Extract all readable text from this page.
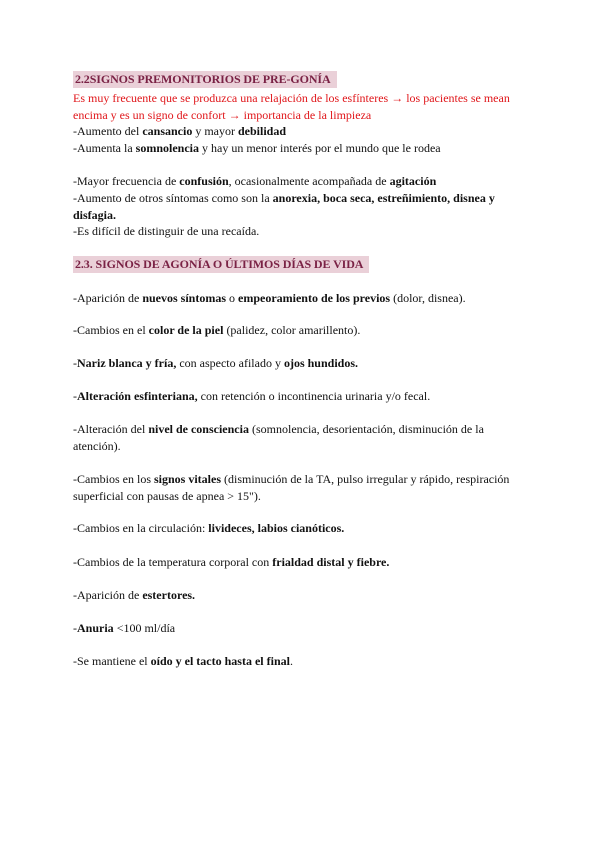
2.2SIGNOS PREMONITORIOS DE PRE-GONÍA

Es muy frecuente que se produzca una relajación de los esfínteres → los pacientes se mean encima y es un signo de confort → importancia de la limpieza

-Aumento del cansancio y mayor debilidad

-Aumenta la somnolencia y hay un menor interés por el mundo que le rodea

-Mayor frecuencia de confusión, ocasionalmente acompañada de agitación

-Aumento de otros síntomas como son la anorexia, boca seca, estreñimiento, disnea y disfagia.

-Es difícil de distinguir de una recaída.

2.3. SIGNOS DE AGONÍA O ÚLTIMOS DÍAS DE VIDA

-Aparición de nuevos síntomas o empeoramiento de los previos (dolor, disnea).

-Cambios en el color de la piel (palidez, color amarillento).

-Nariz blanca y fría, con aspecto afilado y ojos hundidos.

-Alteración esfinteriana, con retención o incontinencia urinaria y/o fecal.

-Alteración del nivel de consciencia (somnolencia, desorientación, disminución de la atención).

-Cambios en los signos vitales (disminución de la TA, pulso irregular y rápido, respiración superficial con pausas de apnea > 15").

-Cambios en la circulación: livideces, labios cianóticos.

-Cambios de la temperatura corporal con frialdad distal y fiebre.

-Aparición de estertores.

-Anuria <100 ml/día

-Se mantiene el oído y el tacto hasta el final.
